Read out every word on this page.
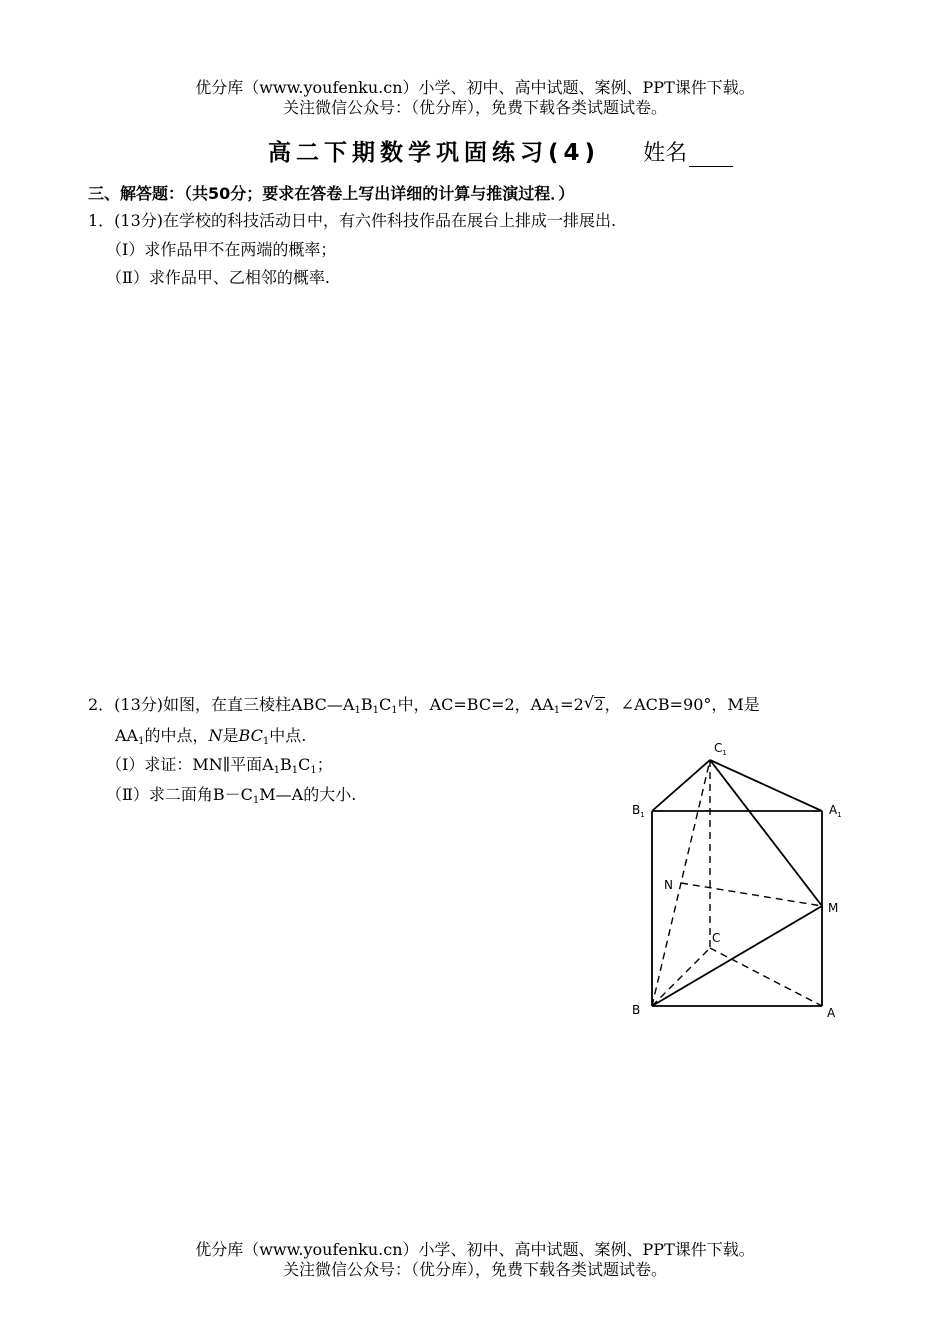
优分库（www.youfenku.cn）小学、初中、高中试题、案例、PPT课件下载。
关注微信公众号：（优分库），免费下载各类试题试卷。
高二下期数学巩固练习(4) 姓名
三、解答题：（共50分；要求在答卷上写出详细的计算与推演过程．）
1．(13分)在学校的科技活动日中，有六件科技作品在展台上排成一排展出.
（Ⅰ）求作品甲不在两端的概率；
（Ⅱ）求作品甲、乙相邻的概率.
2．(13分)如图，在直三棱柱$ABC—A_1B_1C_1$中，AC=BC=2，$AA_1=2$ √ 2，∠ACB=90°，M是
$AA_1$的中点，N是$BC_1$中点.
（Ⅰ）求证：MN∥平面$A_1B_1C_1$；
（Ⅱ）求二面角$B-C_1M—A$的大小.
$C_1$
$B_1$	$A_1$
N
M
C
B	A
优分库（www.youfenku.cn）小学、初中、高中试题、案例、PPT课件下载。
关注微信公众号：（优分库），免费下载各类试题试卷。
